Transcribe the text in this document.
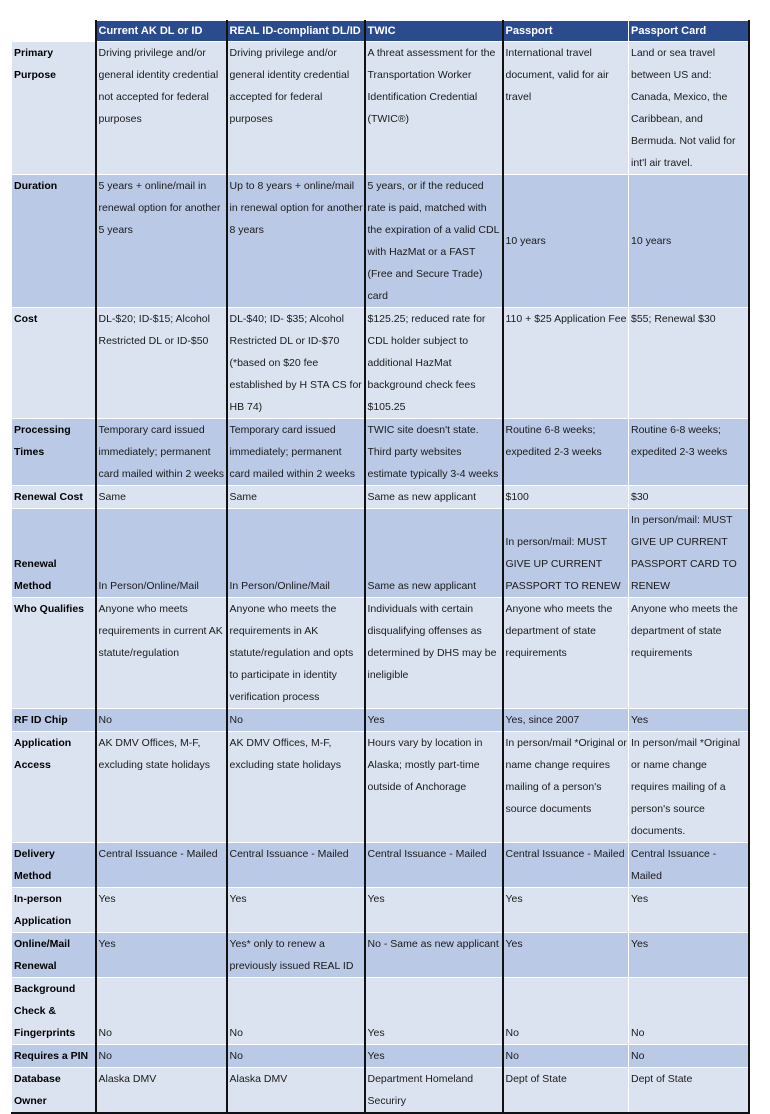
	Current AK DL or ID	REAL ID-compliant DL/ID	TWIC	Passport	Passport Card
Primary Purpose	Driving privilege and/or general identity credential not accepted for federal purposes	Driving privilege and/or general identity credential accepted for federal purposes	A threat assessment for the Transportation Worker Identification Credential (TWIC®)	International travel document, valid for air travel	Land or sea travel between US and: Canada, Mexico, the Caribbean, and Bermuda. Not valid for int'l air travel.
Duration	5 years + online/mail in renewal option for another 5 years	Up to 8 years + online/mail in renewal option for another 8 years	5 years, or if the reduced rate is paid, matched with the expiration of a valid CDL with HazMat or a FAST (Free and Secure Trade) card	10 years	10 years
Cost	DL-$20; ID-$15; Alcohol Restricted DL or ID-$50	DL-$40; ID- $35; Alcohol Restricted DL or ID-$70 (*based on $20 fee established by H STA CS for HB 74)	$125.25; reduced rate for CDL holder subject to additional HazMat background check fees $105.25	110 + $25 Application Fee	$55; Renewal $30
Processing Times	Temporary card issued immediately; permanent card mailed within 2 weeks	Temporary card issued immediately; permanent card mailed within 2 weeks	TWIC site doesn't state. Third party websites estimate typically 3-4 weeks	Routine 6-8 weeks; expedited 2-3 weeks	Routine 6-8 weeks; expedited 2-3 weeks
Renewal Cost	Same	Same	Same as new applicant	$100	$30
Renewal Method	In Person/Online/Mail	In Person/Online/Mail	Same as new applicant	In person/mail: MUST GIVE UP CURRENT PASSPORT TO RENEW	In person/mail: MUST GIVE UP CURRENT PASSPORT CARD TO RENEW
Who Qualifies	Anyone who meets requirements in current AK statute/regulation	Anyone who meets the requirements in AK statute/regulation and opts to participate in identity verification process	Individuals with certain disqualifying offenses as determined by DHS may be ineligible	Anyone who meets the department of state requirements	Anyone who meets the department of state requirements
RF ID Chip	No	No	Yes	Yes, since 2007	Yes
Application Access	AK DMV Offices, M-F, excluding state holidays	AK DMV Offices, M-F, excluding state holidays	Hours vary by location in Alaska; mostly part-time outside of Anchorage	In person/mail *Original or name change requires mailing of a person's source documents	In person/mail *Original or name change requires mailing of a person's source documents.
Delivery Method	Central Issuance - Mailed	Central Issuance - Mailed	Central Issuance - Mailed	Central Issuance - Mailed	Central Issuance - Mailed
In-person Application	Yes	Yes	Yes	Yes	Yes
Online/Mail Renewal	Yes	Yes* only to renew a previously issued REAL ID	No - Same as new applicant	Yes	Yes
Background Check & Fingerprints	No	No	Yes	No	No
Requires a PIN	No	No	Yes	No	No
Database Owner	Alaska DMV	Alaska DMV	Department Homeland Securiry	Dept of State	Dept of State
